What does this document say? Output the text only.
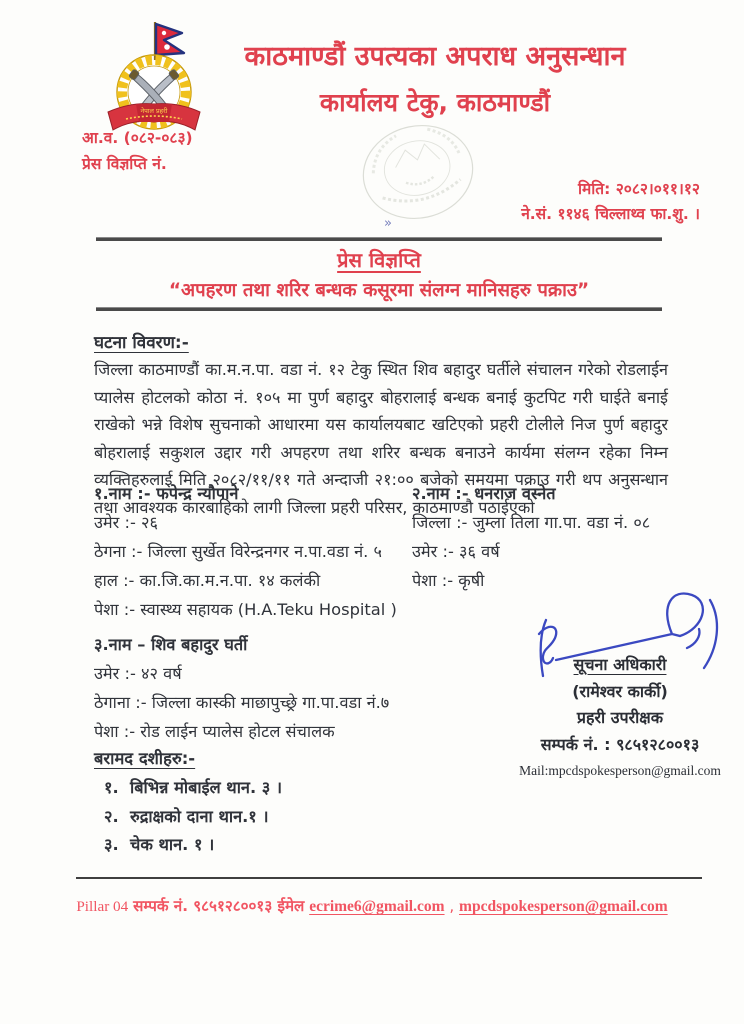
नेपाल प्रहरी
»
काठमाण्डौं उपत्यका अपराध अनुसन्धान
कार्यालय टेकु, काठमाण्डौं
आ.व. (०८२-०८३)
प्रेस विज्ञप्ति नं.
मिति: २०८२।०११।१२
ने.सं. ११४६ चिल्लाथ्व फा.शु. ।
प्रेस विज्ञप्ति
“अपहरण तथा शरिर बन्धक कसूरमा संलग्न मानिसहरु पक्राउ”
घटना विवरण:-
जिल्ला काठमाण्डौं का.म.न.पा. वडा नं. १२ टेकु स्थित शिव बहादुर घर्तीले संचालन गरेको रोडलाईन प्यालेस होटलको कोठा नं. १०५ मा पुर्ण बहादुर बोहरालाई बन्धक बनाई कुटपिट गरी घाईते बनाई राखेको भन्ने विशेष सुचनाको आधारमा यस कार्यालयबाट खटिएको प्रहरी टोलीले निज पुर्ण बहादुर बोहरालाई सकुशल उद्दार गरी अपहरण तथा शरिर बन्धक बनाउने कार्यमा संलग्न रहेका निम्न व्यक्तिहरुलाई मिति २०८२/११/११ गते अन्दाजी २१:०० बजेको समयमा पक्राउ गरी थप अनुसन्धान तथा आवश्यक कारबाहिको लागी जिल्ला प्रहरी परिसर, काठमाण्डौ पठाईएको
१.नाम :- फपेन्द्र न्यौपाने
उमेर :- २६
ठेगना :- जिल्ला सुर्खेत विरेन्द्रनगर न.पा.वडा नं. ५
हाल :- का.जि.का.म.न.पा. १४ कलंकी
पेशा :- स्वास्थ्य सहायक (H.A.Teku Hospital )
२.नाम :- धनराज वस्नेत
जिल्ला :- जुम्ला तिला गा.पा. वडा नं. ०८
उमेर :- ३६ वर्ष
पेशा :- कृषी
३.नाम – शिव बहादुर घर्ती
उमेर :- ४२ वर्ष
ठेगाना :- जिल्ला कास्की माछापुच्छ्रे गा.पा.वडा नं.७
पेशा :- रोड लाईन प्यालेस होटल संचालक
बरामद दशीहरु:-
१. बिभिन्न मोबाईल थान. ३ ।
२. रुद्राक्षको दाना थान.१ ।
३. चेक थान. १ ।
सूचना अधिकारी
(रामेश्वर कार्की)
प्रहरी उपरीक्षक
सम्पर्क नं. : ९८५१२८००१३
Mail:mpcdspokesperson@gmail.com
Pillar 04 सम्पर्क नं. ९८५१२८००१३ ईमेल ecrime6@gmail.com , mpcdspokesperson@gmail.com
